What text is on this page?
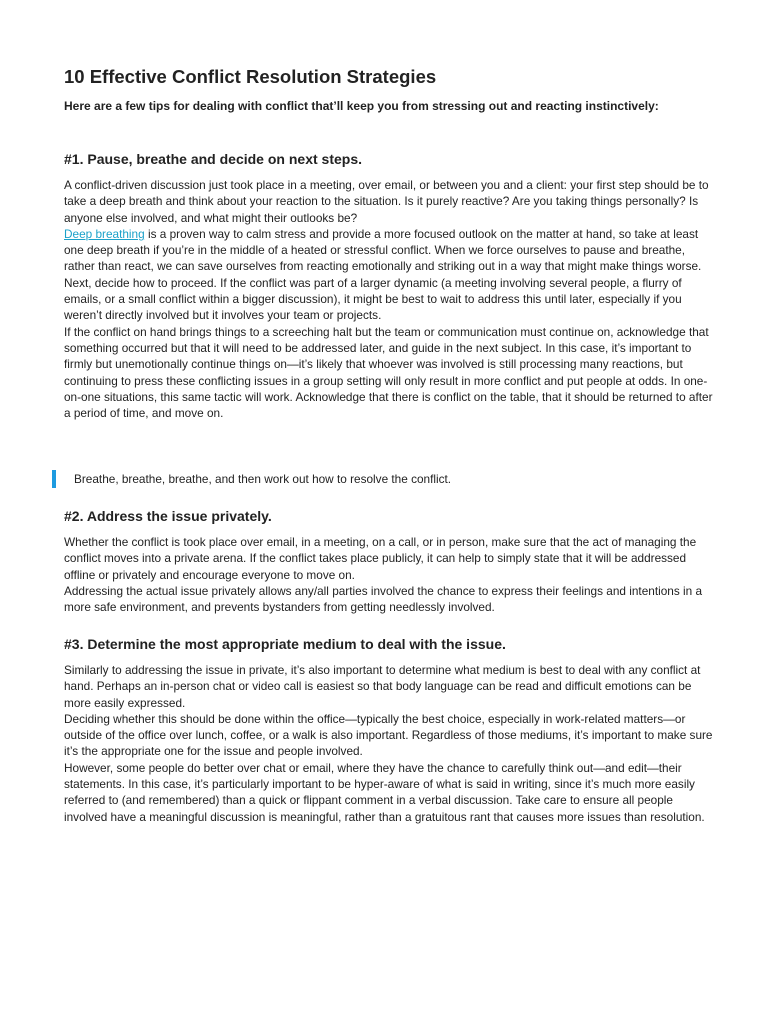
10 Effective Conflict Resolution Strategies

Here are a few tips for dealing with conflict that’ll keep you from stressing out and reacting instinctively:

#1. Pause, breathe and decide on next steps.

A conflict-driven discussion just took place in a meeting, over email, or between you and a client: your first step should be to take a deep breath and think about your reaction to the situation. Is it purely reactive? Are you taking things personally? Is anyone else involved, and what might their outlooks be?

Deep breathing is a proven way to calm stress and provide a more focused outlook on the matter at hand, so take at least one deep breath if you’re in the middle of a heated or stressful conflict. When we force ourselves to pause and breathe, rather than react, we can save ourselves from reacting emotionally and striking out in a way that might make things worse.

Next, decide how to proceed. If the conflict was part of a larger dynamic (a meeting involving several people, a flurry of emails, or a small conflict within a bigger discussion), it might be best to wait to address this until later, especially if you weren’t directly involved but it involves your team or projects.

If the conflict on hand brings things to a screeching halt but the team or communication must continue on, acknowledge that something occurred but that it will need to be addressed later, and guide in the next subject. In this case, it’s important to firmly but unemotionally continue things on—it’s likely that whoever was involved is still processing many reactions, but continuing to press these conflicting issues in a group setting will only result in more conflict and put people at odds. In one-on-one situations, this same tactic will work. Acknowledge that there is conflict on the table, that it should be returned to after a period of time, and move on.

Breathe, breathe, breathe, and then work out how to resolve the conflict.
#2. Address the issue privately.

Whether the conflict is took place over email, in a meeting, on a call, or in person, make sure that the act of managing the conflict moves into a private arena. If the conflict takes place publicly, it can help to simply state that it will be addressed offline or privately and encourage everyone to move on.

Addressing the actual issue privately allows any/all parties involved the chance to express their feelings and intentions in a more safe environment, and prevents bystanders from getting needlessly involved.

#3. Determine the most appropriate medium to deal with the issue.

Similarly to addressing the issue in private, it’s also important to determine what medium is best to deal with any conflict at hand. Perhaps an in-person chat or video call is easiest so that body language can be read and difficult emotions can be more easily expressed.

Deciding whether this should be done within the office—typically the best choice, especially in work-related matters—or outside of the office over lunch, coffee, or a walk is also important. Regardless of those mediums, it’s important to make sure it’s the appropriate one for the issue and people involved.

However, some people do better over chat or email, where they have the chance to carefully think out—and edit—their statements. In this case, it’s particularly important to be hyper-aware of what is said in writing, since it’s much more easily referred to (and remembered) than a quick or flippant comment in a verbal discussion. Take care to ensure all people involved have a meaningful discussion is meaningful, rather than a gratuitous rant that causes more issues than resolution.
